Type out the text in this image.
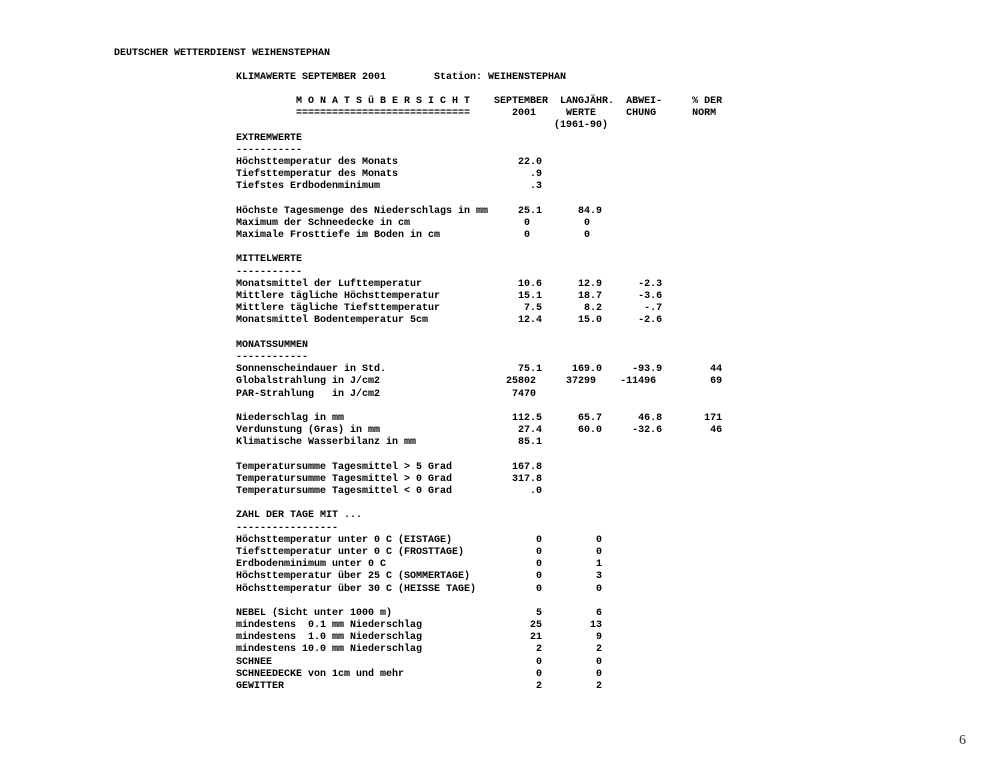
DEUTSCHER WETTERDIENST WEIHENSTEPHAN
KLIMAWERTE SEPTEMBER 2001        Station: WEIHENSTEPHAN
M O N A T S ü B E R S I C H T    SEPTEMBER  LANGJÄHR.  ABWEI-     % DER
=============================       2001     WERTE     CHUNG      NORM
(1961-90)
EXTREMWERTE
-----------
Höchsttemperatur des Monats                    22.0
Tiefsttemperatur des Monats                      .9
Tiefstes Erdbodenminimum                         .3

Höchste Tagesmenge des Niederschlags in mm     25.1      84.9
Maximum der Schneedecke in cm                   0         0
Maximale Frosttiefe im Boden in cm              0         0

MITTELWERTE
-----------
Monatsmittel der Lufttemperatur                10.6      12.9      -2.3
Mittlere tägliche Höchsttemperatur             15.1      18.7      -3.6
Mittlere tägliche Tiefsttemperatur              7.5       8.2       -.7
Monatsmittel Bodentemperatur 5cm               12.4      15.0      -2.6

MONATSSUMMEN
------------
Sonnenscheindauer in Std.                      75.1     169.0     -93.9        44
Globalstrahlung in J/cm2                     25802     37299    -11496         69
PAR-Strahlung   in J/cm2                      7470

Niederschlag in mm                            112.5      65.7      46.8       171
Verdunstung (Gras) in mm                       27.4      60.0     -32.6        46
Klimatische Wasserbilanz in mm                 85.1

Temperatursumme Tagesmittel > 5 Grad          167.8
Temperatursumme Tagesmittel > 0 Grad          317.8
Temperatursumme Tagesmittel < 0 Grad             .0

ZAHL DER TAGE MIT ...
-----------------
Höchsttemperatur unter 0 C (EISTAGE)              0         0
Tiefsttemperatur unter 0 C (FROSTTAGE)            0         0
Erdbodenminimum unter 0 C                         0         1
Höchsttemperatur über 25 C (SOMMERTAGE)           0         3
Höchsttemperatur über 30 C (HEISSE TAGE)          0         0

NEBEL (Sicht unter 1000 m)                        5         6
mindestens  0.1 mm Niederschlag                  25        13
mindestens  1.0 mm Niederschlag                  21         9
mindestens 10.0 mm Niederschlag                   2         2
SCHNEE                                            0         0
SCHNEEDECKE von 1cm und mehr                      0         0
GEWITTER                                          2         2
6
